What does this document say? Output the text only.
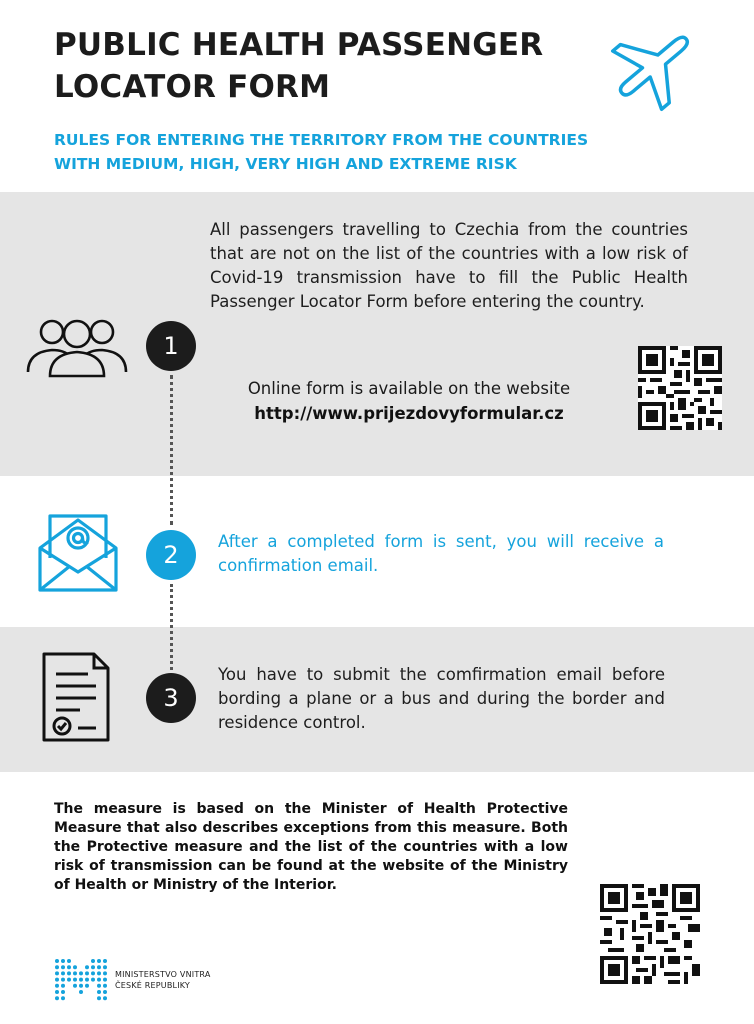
PUBLIC HEALTH PASSENGER
LOCATOR FORM
RULES FOR ENTERING THE TERRITORY FROM THE COUNTRIES
WITH MEDIUM, HIGH, VERY HIGH AND EXTREME RISK

All passengers travelling to Czechia from the countries that are not on the list of the countries with a low risk of Covid-19 transmission have to fill the Public Health Passenger Locator Form before entering the country.

1
Online form is available on the website
http://www.prijezdovyformular.cz
2	After a completed form is sent, you will receive a confirmation email.

3

You have to submit the comfirmation email before bording a plane or a bus and during the border and residence control.

The measure is based on the Minister of Health Protective Measure that also describes exceptions from this measure. Both the Protective measure and the list of the countries with a low risk of transmission can be found at the website of the Ministry of Health or Ministry of the Interior.

MINISTERSTVO VNITRA
ČESKÉ REPUBLIKY
